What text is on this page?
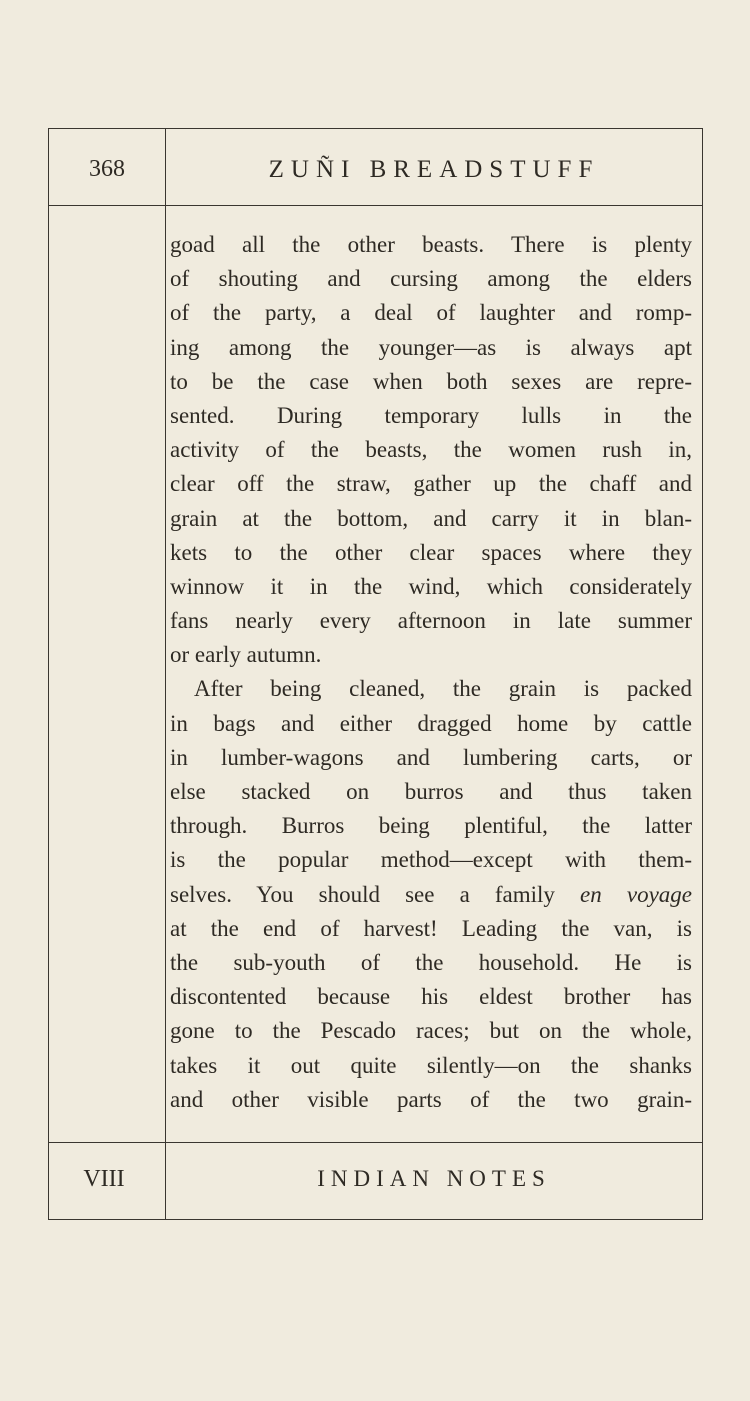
368	ZUÑI BREADSTUFF
VIII	INDIAN NOTES
goad all the other beasts. There is plenty
of shouting and cursing among the elders
of the party, a deal of laughter and romp-
ing among the younger—as is always apt
to be the case when both sexes are repre-
sented. During temporary lulls in the
activity of the beasts, the women rush in,
clear off the straw, gather up the chaff and
grain at the bottom, and carry it in blan-
kets to the other clear spaces where they
winnow it in the wind, which considerately
fans nearly every afternoon in late summer
or early autumn.
After being cleaned, the grain is packed
in bags and either dragged home by cattle
in lumber-wagons and lumbering carts, or
else stacked on burros and thus taken
through. Burros being plentiful, the latter
is the popular method—except with them-
selves. You should see a family en voyage
at the end of harvest! Leading the van, is
the sub-youth of the household. He is
discontented because his eldest brother has
gone to the Pescado races; but on the whole,
takes it out quite silently—on the shanks
and other visible parts of the two grain-
